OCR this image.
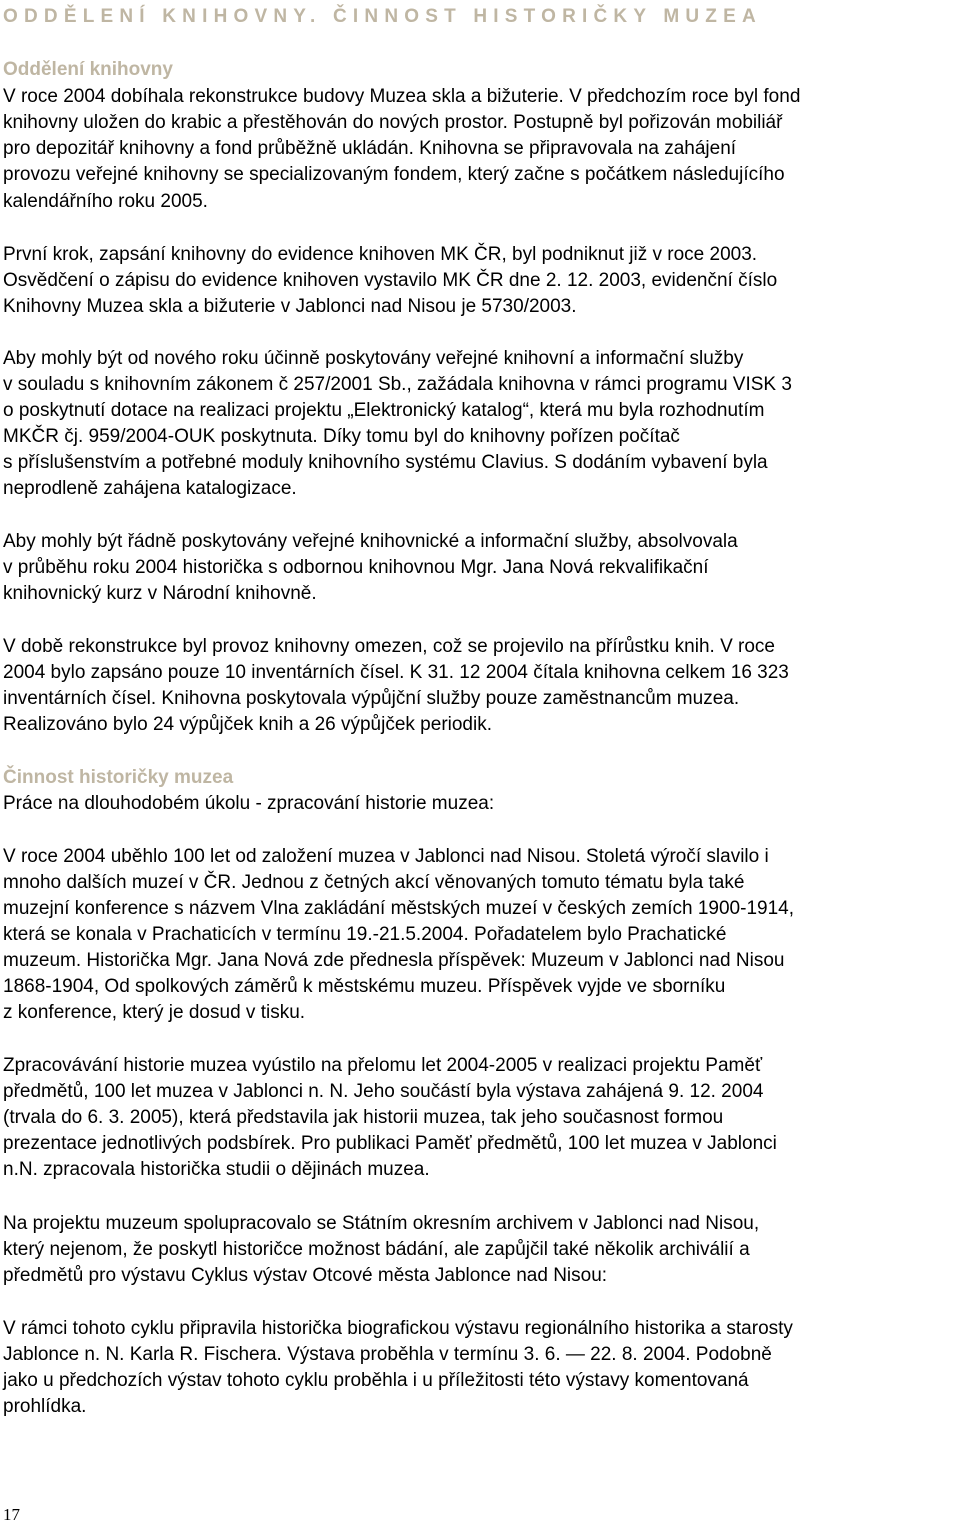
ODDĚLENÍ KNIHOVNY. ČINNOST HISTORIČKY MUZEA
Oddělení knihovny
V roce 2004 dobíhala rekonstrukce budovy Muzea skla a bižuterie. V předchozím roce byl fond
knihovny uložen do krabic a přestěhován do nových prostor. Postupně byl pořizován mobiliář
pro depozitář knihovny a fond průběžně ukládán. Knihovna se připravovala na zahájení
provozu veřejné knihovny se specializovaným fondem, který začne s počátkem následujícího
kalendářního roku 2005.
První krok, zapsání knihovny do evidence knihoven MK ČR, byl podniknut již v roce 2003.
Osvědčení o zápisu do evidence knihoven vystavilo MK ČR dne 2. 12. 2003, evidenční číslo
Knihovny Muzea skla a bižuterie v Jablonci nad Nisou je 5730/2003.
Aby mohly být od nového roku účinně poskytovány veřejné knihovní a informační služby
v souladu s knihovním zákonem č 257/2001 Sb., zažádala knihovna v rámci programu VISK 3
o poskytnutí dotace na realizaci projektu „Elektronický katalog“, která mu byla rozhodnutím
MKČR čj. 959/2004-OUK poskytnuta. Díky tomu byl do knihovny pořízen počítač
s příslušenstvím a potřebné moduly knihovního systému Clavius. S dodáním vybavení byla
neprodleně zahájena katalogizace.
Aby mohly být řádně poskytovány veřejné knihovnické a informační služby, absolvovala
v průběhu roku 2004 historička s odbornou knihovnou Mgr. Jana Nová rekvalifikační
knihovnický kurz v Národní knihovně.
V době rekonstrukce byl provoz knihovny omezen, což se projevilo na přírůstku knih. V roce
2004 bylo zapsáno pouze 10 inventárních čísel. K 31. 12 2004 čítala knihovna celkem 16 323
inventárních čísel. Knihovna poskytovala výpůjční služby pouze zaměstnancům muzea.
Realizováno bylo 24 výpůjček knih a 26 výpůjček periodik.
Činnost historičky muzea
Práce na dlouhodobém úkolu - zpracování historie muzea:
V roce 2004 uběhlo 100 let od založení muzea v Jablonci nad Nisou. Stoletá výročí slavilo i
mnoho dalších muzeí v ČR. Jednou z četných akcí věnovaných tomuto tématu byla také
muzejní konference s názvem Vlna zakládání městských muzeí v českých zemích 1900-1914,
která se konala v Prachaticích v termínu 19.-21.5.2004. Pořadatelem bylo Prachatické
muzeum. Historička Mgr. Jana Nová zde přednesla příspěvek: Muzeum v Jablonci nad Nisou
1868-1904, Od spolkových záměrů k městskému muzeu. Příspěvek vyjde ve sborníku
z konference, který je dosud v tisku.
Zpracovávání historie muzea vyústilo na přelomu let 2004-2005 v realizaci projektu Paměť
předmětů, 100 let muzea v Jablonci n. N. Jeho součástí byla výstava zahájená 9. 12. 2004
(trvala do 6. 3. 2005), která představila jak historii muzea, tak jeho současnost formou
prezentace jednotlivých podsbírek. Pro publikaci Paměť předmětů, 100 let muzea v Jablonci
n.N. zpracovala historička studii o dějinách muzea.
Na projektu muzeum spolupracovalo se Státním okresním archivem v Jablonci nad Nisou,
který nejenom, že poskytl historičce možnost bádání, ale zapůjčil také několik archiválií a
předmětů pro výstavu Cyklus výstav Otcové města Jablonce nad Nisou:
V rámci tohoto cyklu připravila historička biografickou výstavu regionálního historika a starosty
Jablonce n. N. Karla R. Fischera. Výstava proběhla v termínu 3. 6. — 22. 8. 2004. Podobně
jako u předchozích výstav tohoto cyklu proběhla i u příležitosti této výstavy komentovaná
prohlídka.
17
